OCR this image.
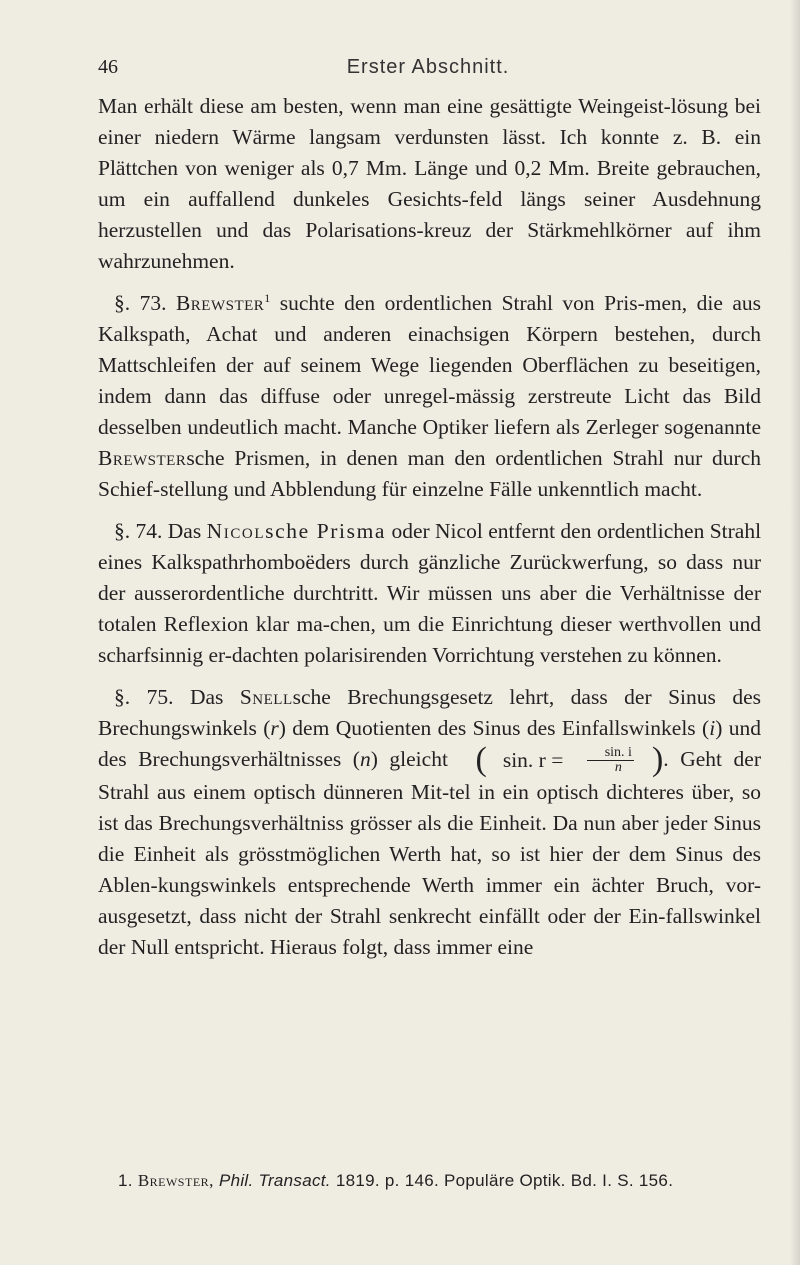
46	Erster Abschnitt.

Man erhält diese am besten, wenn man eine gesättigte Weingeist-lösung bei einer niedern Wärme langsam verdunsten lässt. Ich konnte z. B. ein Plättchen von weniger als 0,7 Mm. Länge und 0,2 Mm. Breite gebrauchen, um ein auffallend dunkeles Gesichts-feld längs seiner Ausdehnung herzustellen und das Polarisations-kreuz der Stärkmehlkörner auf ihm wahrzunehmen.

§. 73. Brewster$^1$ suchte den ordentlichen Strahl von Pris-men, die aus Kalkspath, Achat und anderen einachsigen Körpern bestehen, durch Mattschleifen der auf seinem Wege liegenden Oberflächen zu beseitigen, indem dann das diffuse oder unregel-mässig zerstreute Licht das Bild desselben undeutlich macht. Manche Optiker liefern als Zerleger sogenannte Brewstersche Prismen, in denen man den ordentlichen Strahl nur durch Schief-stellung und Abblendung für einzelne Fälle unkenntlich macht.

§. 74. Das Nicolsche Prisma oder Nicol entfernt den ordentlichen Strahl eines Kalkspathrhomboëders durch gänzliche Zurückwerfung, so dass nur der ausserordentliche durchtritt. Wir müssen uns aber die Verhältnisse der totalen Reflexion klar ma-chen, um die Einrichtung dieser werthvollen und scharfsinnig er-dachten polarisirenden Vorrichtung verstehen zu können.

§. 75. Das Snellsche Brechungsgesetz lehrt, dass der Sinus des Brechungswinkels (r) dem Quotienten des Sinus des Einfallswinkels (i) und des Brechungsverhältnisses (n) gleicht ( sin. r =
$\frac{\sin. i}{n}$ ) . Geht der Strahl aus einem optisch dünneren Mit-tel in ein optisch dichteres über, so ist das Brechungsverhältniss grösser als die Einheit. Da nun aber jeder Sinus die Einheit als grösstmöglichen Werth hat, so ist hier der dem Sinus des Ablen-kungswinkels entsprechende Werth immer ein ächter Bruch, vor-ausgesetzt, dass nicht der Strahl senkrecht einfällt oder der Ein-fallswinkel der Null entspricht. Hieraus folgt, dass immer eine

1. Brewster, Phil. Transact. 1819. p. 146. Populäre Optik. Bd. I. S. 156.
